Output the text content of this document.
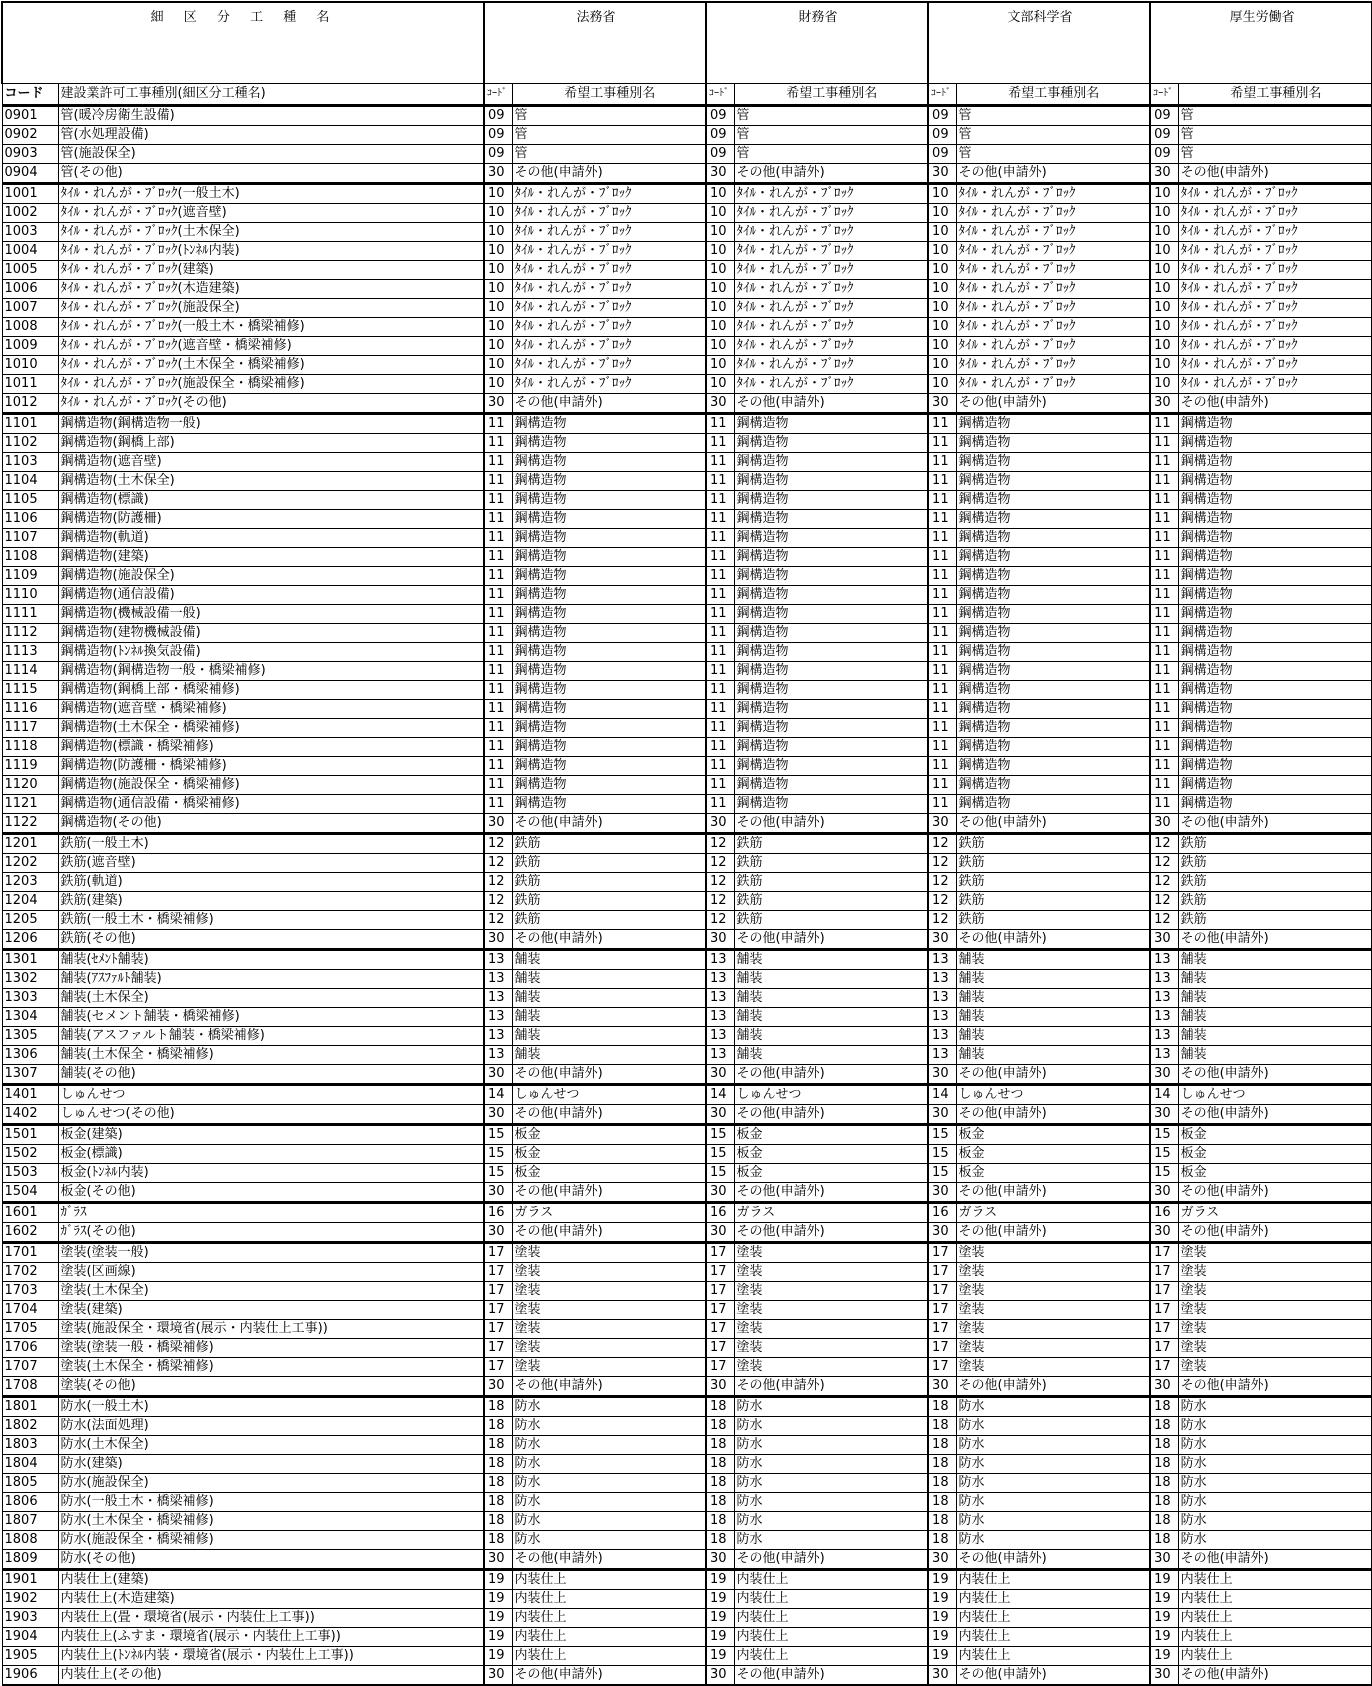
細 区 分 工 種 名		法務省		財務省		文部科学省		厚生労働省	
コード	建設業許可工事種別(細区分工種名)	ｺｰﾄﾞ	希望工事種別名	ｺｰﾄﾞ	希望工事種別名	ｺｰﾄﾞ	希望工事種別名	ｺｰﾄﾞ	希望工事種別名
0901	管(暖冷房衛生設備)	09	管	09	管	09	管	09	管
0902	管(水処理設備)	09	管	09	管	09	管	09	管
0903	管(施設保全)	09	管	09	管	09	管	09	管
0904	管(その他)	30	その他(申請外)	30	その他(申請外)	30	その他(申請外)	30	その他(申請外)
1001	ﾀｲﾙ・れんが・ﾌﾞﾛｯｸ(一般土木)	10	ﾀｲﾙ・れんが・ﾌﾞﾛｯｸ	10	ﾀｲﾙ・れんが・ﾌﾞﾛｯｸ	10	ﾀｲﾙ・れんが・ﾌﾞﾛｯｸ	10	ﾀｲﾙ・れんが・ﾌﾞﾛｯｸ
1002	ﾀｲﾙ・れんが・ﾌﾞﾛｯｸ(遮音壁)	10	ﾀｲﾙ・れんが・ﾌﾞﾛｯｸ	10	ﾀｲﾙ・れんが・ﾌﾞﾛｯｸ	10	ﾀｲﾙ・れんが・ﾌﾞﾛｯｸ	10	ﾀｲﾙ・れんが・ﾌﾞﾛｯｸ
1003	ﾀｲﾙ・れんが・ﾌﾞﾛｯｸ(土木保全)	10	ﾀｲﾙ・れんが・ﾌﾞﾛｯｸ	10	ﾀｲﾙ・れんが・ﾌﾞﾛｯｸ	10	ﾀｲﾙ・れんが・ﾌﾞﾛｯｸ	10	ﾀｲﾙ・れんが・ﾌﾞﾛｯｸ
1004	ﾀｲﾙ・れんが・ﾌﾞﾛｯｸ(ﾄﾝﾈﾙ内装)	10	ﾀｲﾙ・れんが・ﾌﾞﾛｯｸ	10	ﾀｲﾙ・れんが・ﾌﾞﾛｯｸ	10	ﾀｲﾙ・れんが・ﾌﾞﾛｯｸ	10	ﾀｲﾙ・れんが・ﾌﾞﾛｯｸ
1005	ﾀｲﾙ・れんが・ﾌﾞﾛｯｸ(建築)	10	ﾀｲﾙ・れんが・ﾌﾞﾛｯｸ	10	ﾀｲﾙ・れんが・ﾌﾞﾛｯｸ	10	ﾀｲﾙ・れんが・ﾌﾞﾛｯｸ	10	ﾀｲﾙ・れんが・ﾌﾞﾛｯｸ
1006	ﾀｲﾙ・れんが・ﾌﾞﾛｯｸ(木造建築)	10	ﾀｲﾙ・れんが・ﾌﾞﾛｯｸ	10	ﾀｲﾙ・れんが・ﾌﾞﾛｯｸ	10	ﾀｲﾙ・れんが・ﾌﾞﾛｯｸ	10	ﾀｲﾙ・れんが・ﾌﾞﾛｯｸ
1007	ﾀｲﾙ・れんが・ﾌﾞﾛｯｸ(施設保全)	10	ﾀｲﾙ・れんが・ﾌﾞﾛｯｸ	10	ﾀｲﾙ・れんが・ﾌﾞﾛｯｸ	10	ﾀｲﾙ・れんが・ﾌﾞﾛｯｸ	10	ﾀｲﾙ・れんが・ﾌﾞﾛｯｸ
1008	ﾀｲﾙ・れんが・ﾌﾞﾛｯｸ(一般土木・橋梁補修)	10	ﾀｲﾙ・れんが・ﾌﾞﾛｯｸ	10	ﾀｲﾙ・れんが・ﾌﾞﾛｯｸ	10	ﾀｲﾙ・れんが・ﾌﾞﾛｯｸ	10	ﾀｲﾙ・れんが・ﾌﾞﾛｯｸ
1009	ﾀｲﾙ・れんが・ﾌﾞﾛｯｸ(遮音壁・橋梁補修)	10	ﾀｲﾙ・れんが・ﾌﾞﾛｯｸ	10	ﾀｲﾙ・れんが・ﾌﾞﾛｯｸ	10	ﾀｲﾙ・れんが・ﾌﾞﾛｯｸ	10	ﾀｲﾙ・れんが・ﾌﾞﾛｯｸ
1010	ﾀｲﾙ・れんが・ﾌﾞﾛｯｸ(土木保全・橋梁補修)	10	ﾀｲﾙ・れんが・ﾌﾞﾛｯｸ	10	ﾀｲﾙ・れんが・ﾌﾞﾛｯｸ	10	ﾀｲﾙ・れんが・ﾌﾞﾛｯｸ	10	ﾀｲﾙ・れんが・ﾌﾞﾛｯｸ
1011	ﾀｲﾙ・れんが・ﾌﾞﾛｯｸ(施設保全・橋梁補修)	10	ﾀｲﾙ・れんが・ﾌﾞﾛｯｸ	10	ﾀｲﾙ・れんが・ﾌﾞﾛｯｸ	10	ﾀｲﾙ・れんが・ﾌﾞﾛｯｸ	10	ﾀｲﾙ・れんが・ﾌﾞﾛｯｸ
1012	ﾀｲﾙ・れんが・ﾌﾞﾛｯｸ(その他)	30	その他(申請外)	30	その他(申請外)	30	その他(申請外)	30	その他(申請外)
1101	鋼構造物(鋼構造物一般)	11	鋼構造物	11	鋼構造物	11	鋼構造物	11	鋼構造物
1102	鋼構造物(鋼橋上部)	11	鋼構造物	11	鋼構造物	11	鋼構造物	11	鋼構造物
1103	鋼構造物(遮音壁)	11	鋼構造物	11	鋼構造物	11	鋼構造物	11	鋼構造物
1104	鋼構造物(土木保全)	11	鋼構造物	11	鋼構造物	11	鋼構造物	11	鋼構造物
1105	鋼構造物(標識)	11	鋼構造物	11	鋼構造物	11	鋼構造物	11	鋼構造物
1106	鋼構造物(防護柵)	11	鋼構造物	11	鋼構造物	11	鋼構造物	11	鋼構造物
1107	鋼構造物(軌道)	11	鋼構造物	11	鋼構造物	11	鋼構造物	11	鋼構造物
1108	鋼構造物(建築)	11	鋼構造物	11	鋼構造物	11	鋼構造物	11	鋼構造物
1109	鋼構造物(施設保全)	11	鋼構造物	11	鋼構造物	11	鋼構造物	11	鋼構造物
1110	鋼構造物(通信設備)	11	鋼構造物	11	鋼構造物	11	鋼構造物	11	鋼構造物
1111	鋼構造物(機械設備一般)	11	鋼構造物	11	鋼構造物	11	鋼構造物	11	鋼構造物
1112	鋼構造物(建物機械設備)	11	鋼構造物	11	鋼構造物	11	鋼構造物	11	鋼構造物
1113	鋼構造物(ﾄﾝﾈﾙ換気設備)	11	鋼構造物	11	鋼構造物	11	鋼構造物	11	鋼構造物
1114	鋼構造物(鋼構造物一般・橋梁補修)	11	鋼構造物	11	鋼構造物	11	鋼構造物	11	鋼構造物
1115	鋼構造物(鋼橋上部・橋梁補修)	11	鋼構造物	11	鋼構造物	11	鋼構造物	11	鋼構造物
1116	鋼構造物(遮音壁・橋梁補修)	11	鋼構造物	11	鋼構造物	11	鋼構造物	11	鋼構造物
1117	鋼構造物(土木保全・橋梁補修)	11	鋼構造物	11	鋼構造物	11	鋼構造物	11	鋼構造物
1118	鋼構造物(標識・橋梁補修)	11	鋼構造物	11	鋼構造物	11	鋼構造物	11	鋼構造物
1119	鋼構造物(防護柵・橋梁補修)	11	鋼構造物	11	鋼構造物	11	鋼構造物	11	鋼構造物
1120	鋼構造物(施設保全・橋梁補修)	11	鋼構造物	11	鋼構造物	11	鋼構造物	11	鋼構造物
1121	鋼構造物(通信設備・橋梁補修)	11	鋼構造物	11	鋼構造物	11	鋼構造物	11	鋼構造物
1122	鋼構造物(その他)	30	その他(申請外)	30	その他(申請外)	30	その他(申請外)	30	その他(申請外)
1201	鉄筋(一般土木)	12	鉄筋	12	鉄筋	12	鉄筋	12	鉄筋
1202	鉄筋(遮音壁)	12	鉄筋	12	鉄筋	12	鉄筋	12	鉄筋
1203	鉄筋(軌道)	12	鉄筋	12	鉄筋	12	鉄筋	12	鉄筋
1204	鉄筋(建築)	12	鉄筋	12	鉄筋	12	鉄筋	12	鉄筋
1205	鉄筋(一般土木・橋梁補修)	12	鉄筋	12	鉄筋	12	鉄筋	12	鉄筋
1206	鉄筋(その他)	30	その他(申請外)	30	その他(申請外)	30	その他(申請外)	30	その他(申請外)
1301	舗装(ｾﾒﾝﾄ舗装)	13	舗装	13	舗装	13	舗装	13	舗装
1302	舗装(ｱｽﾌｧﾙﾄ舗装)	13	舗装	13	舗装	13	舗装	13	舗装
1303	舗装(土木保全)	13	舗装	13	舗装	13	舗装	13	舗装
1304	舗装(セメント舗装・橋梁補修)	13	舗装	13	舗装	13	舗装	13	舗装
1305	舗装(アスファルト舗装・橋梁補修)	13	舗装	13	舗装	13	舗装	13	舗装
1306	舗装(土木保全・橋梁補修)	13	舗装	13	舗装	13	舗装	13	舗装
1307	舗装(その他)	30	その他(申請外)	30	その他(申請外)	30	その他(申請外)	30	その他(申請外)
1401	しゅんせつ	14	しゅんせつ	14	しゅんせつ	14	しゅんせつ	14	しゅんせつ
1402	しゅんせつ(その他)	30	その他(申請外)	30	その他(申請外)	30	その他(申請外)	30	その他(申請外)
1501	板金(建築)	15	板金	15	板金	15	板金	15	板金
1502	板金(標識)	15	板金	15	板金	15	板金	15	板金
1503	板金(ﾄﾝﾈﾙ内装)	15	板金	15	板金	15	板金	15	板金
1504	板金(その他)	30	その他(申請外)	30	その他(申請外)	30	その他(申請外)	30	その他(申請外)
1601	ｶﾞﾗｽ	16	ガラス	16	ガラス	16	ガラス	16	ガラス
1602	ｶﾞﾗｽ(その他)	30	その他(申請外)	30	その他(申請外)	30	その他(申請外)	30	その他(申請外)
1701	塗装(塗装一般)	17	塗装	17	塗装	17	塗装	17	塗装
1702	塗装(区画線)	17	塗装	17	塗装	17	塗装	17	塗装
1703	塗装(土木保全)	17	塗装	17	塗装	17	塗装	17	塗装
1704	塗装(建築)	17	塗装	17	塗装	17	塗装	17	塗装
1705	塗装(施設保全・環境省(展示・内装仕上工事))	17	塗装	17	塗装	17	塗装	17	塗装
1706	塗装(塗装一般・橋梁補修)	17	塗装	17	塗装	17	塗装	17	塗装
1707	塗装(土木保全・橋梁補修)	17	塗装	17	塗装	17	塗装	17	塗装
1708	塗装(その他)	30	その他(申請外)	30	その他(申請外)	30	その他(申請外)	30	その他(申請外)
1801	防水(一般土木)	18	防水	18	防水	18	防水	18	防水
1802	防水(法面処理)	18	防水	18	防水	18	防水	18	防水
1803	防水(土木保全)	18	防水	18	防水	18	防水	18	防水
1804	防水(建築)	18	防水	18	防水	18	防水	18	防水
1805	防水(施設保全)	18	防水	18	防水	18	防水	18	防水
1806	防水(一般土木・橋梁補修)	18	防水	18	防水	18	防水	18	防水
1807	防水(土木保全・橋梁補修)	18	防水	18	防水	18	防水	18	防水
1808	防水(施設保全・橋梁補修)	18	防水	18	防水	18	防水	18	防水
1809	防水(その他)	30	その他(申請外)	30	その他(申請外)	30	その他(申請外)	30	その他(申請外)
1901	内装仕上(建築)	19	内装仕上	19	内装仕上	19	内装仕上	19	内装仕上
1902	内装仕上(木造建築)	19	内装仕上	19	内装仕上	19	内装仕上	19	内装仕上
1903	内装仕上(畳・環境省(展示・内装仕上工事))	19	内装仕上	19	内装仕上	19	内装仕上	19	内装仕上
1904	内装仕上(ふすま・環境省(展示・内装仕上工事))	19	内装仕上	19	内装仕上	19	内装仕上	19	内装仕上
1905	内装仕上(ﾄﾝﾈﾙ内装・環境省(展示・内装仕上工事))	19	内装仕上	19	内装仕上	19	内装仕上	19	内装仕上
1906	内装仕上(その他)	30	その他(申請外)	30	その他(申請外)	30	その他(申請外)	30	その他(申請外)
